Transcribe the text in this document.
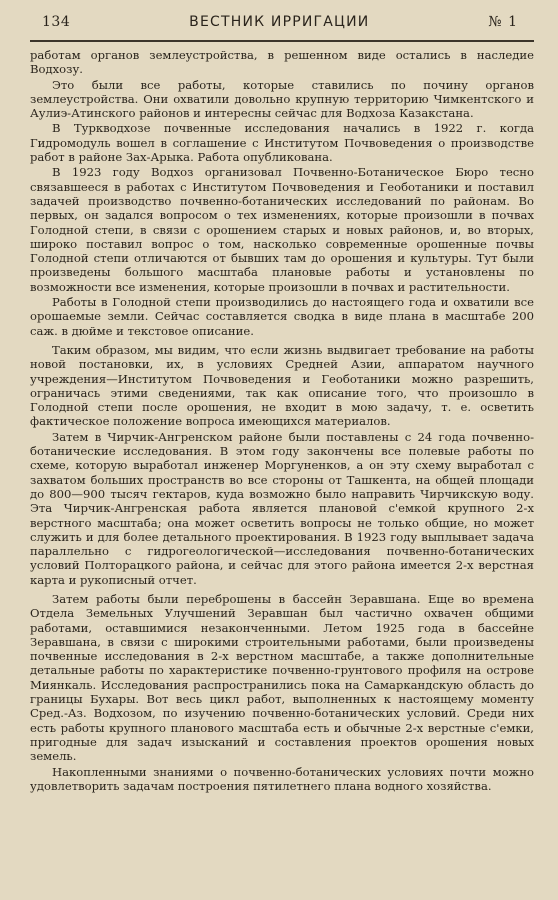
134	ВЕСТНИК ИРРИГАЦИИ	№ 1

работам органов землеустройства, в решенном виде остались в наследие Водхозу.

Это были все работы, которые ставились по почину органов землеустройства. Они охватили довольно крупную территорию Чимкентского и Аулиэ-Атинского районов и интересны сейчас для Водхоза Казакстана.

В Туркводхозе почвенные исследования начались в 1922 г. когда Гидромодуль вошел в соглашение с Институтом Почвоведения о производстве работ в районе Зах-Арыка. Работа опубликована.

В 1923 году Водхоз организовал Почвенно-Ботаническое Бюро тесно связавшееся в работах с Институтом Почвоведения и Геоботаники и поставил задачей производство почвенно-ботанических исследований по районам. Во первых, он задался вопросом о тех изменениях, которые произошли в почвах Голодной степи, в связи с орошением старых и новых районов, и, во вторых, широко поставил вопрос о том, насколько современные орошенные почвы Голодной степи отличаются от бывших там до орошения и культуры. Тут были произведены большого масштаба плановые работы и установлены по возможности все изменения, которые произошли в почвах и растительности.

Работы в Голодной степи производились до настоящего года и охватили все орошаемые земли. Сейчас составляется сводка в виде плана в масштабе 200 саж. в дюйме и текстовое описание.

Таким образом, мы видим, что если жизнь выдвигает требование на работы новой постановки, их, в условиях Средней Азии, аппаратом научного учреждения—Институтом Почвоведения и Геоботаники можно разрешить, ограничась этими сведениями, так как описание того, что произошло в Голодной степи после орошения, не входит в мою задачу, т. е. осветить фактическое положение вопроса имеющихся материалов.

Затем в Чирчик-Ангренском районе были поставлены с 24 года почвенно-ботанические исследования. В этом году закончены все полевые работы по схеме, которую выработал инженер Моргуненков, а он эту схему выработал с захватом больших пространств во все стороны от Ташкента, на общей площади до 800—900 тысяч гектаров, куда возможно было направить Чирчикскую воду. Эта Чирчик-Ангренская работа является плановой с'емкой крупного 2-х верстного масштаба; она может осветить вопросы не только общие, но может служить и для более детального проектирования. В 1923 году выплывает задача параллельно с гидрогеологической—исследования почвенно-ботанических условий Полторацкого района, и сейчас для этого района имеется 2-х верстная карта и рукописный отчет.

Затем работы были переброшены в бассейн Зеравшана. Еще во времена Отдела Земельных Улучшений Зеравшан был частично охвачен общими работами, оставшимися незаконченными. Летом 1925 года в бассейне Зеравшана, в связи с широкими строительными работами, были произведены почвенные исследования в 2-х верстном масштабе, а также дополнительные детальные работы по характеристике почвенно-грунтового профиля на острове Миянкаль. Исследования распространились пока на Самаркандскую область до границы Бухары. Вот весь цикл работ, выполненных к настоящему моменту Сред.-Аз. Водхозом, по изучению почвенно-ботанических условий. Среди них есть работы крупного планового масштаба есть и обычные 2-х верстные с'емки, пригодные для задач изысканий и составления проектов орошения новых земель.

Накопленными знаниями о почвенно-ботанических условиях почти можно удовлетворить задачам построения пятилетнего плана водного хозяйства.
